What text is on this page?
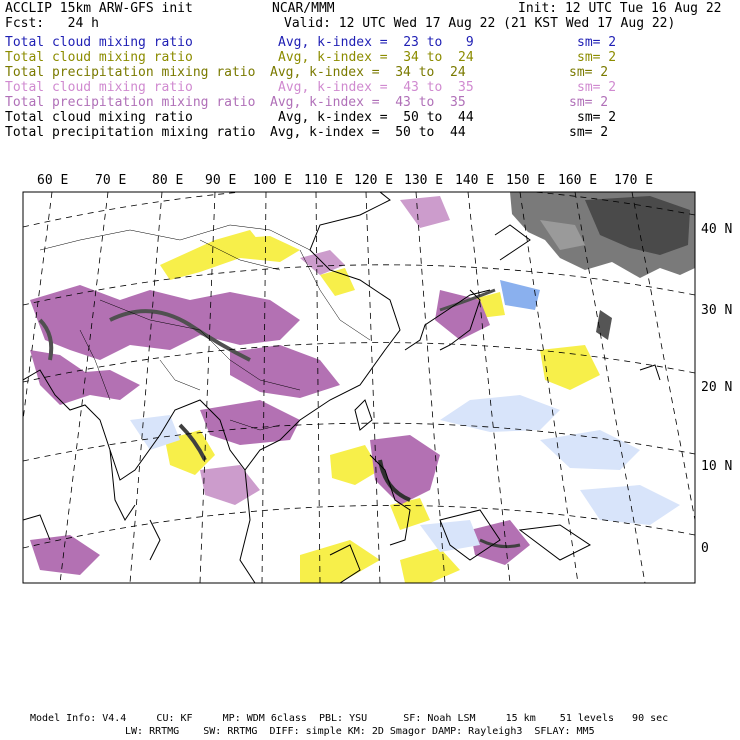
ACCLIP 15km ARW-GFS init	NCAR/MMM	Init: 12 UTC Tue 16 Aug 22
Fcst:   24 h	Valid: 12 UTC Wed 17 Aug 22 (21 KST Wed 17 Aug 22)
Total cloud mixing ratio	Avg, k-index =  23 to   9	sm= 2
Total cloud mixing ratio	Avg, k-index =  34 to  24	sm= 2
Total precipitation mixing ratio Avg, k-index =  34 to  24	sm= 2
Total cloud mixing ratio	Avg, k-index =  43 to  35	sm= 2
Total precipitation mixing ratio Avg, k-index =  43 to  35	sm= 2
Total cloud mixing ratio	Avg, k-index =  50 to  44	sm= 2
Total precipitation mixing ratio Avg, k-index =  50 to  44	sm= 2
60 E 70 E 80 E 90 E 100 E 110 E 120 E 130 E 140 E 150 E 160 E 170 E
40 N
30 N
20 N
10 N
0
Model Info: V4.4     CU: KF     MP: WDM 6class  PBL: YSU      SF: Noah LSM     15 km    51 levels   90 sec
LW: RRTMG    SW: RRTMG  DIFF: simple KM: 2D Smagor DAMP: Rayleigh3  SFLAY: MM5
